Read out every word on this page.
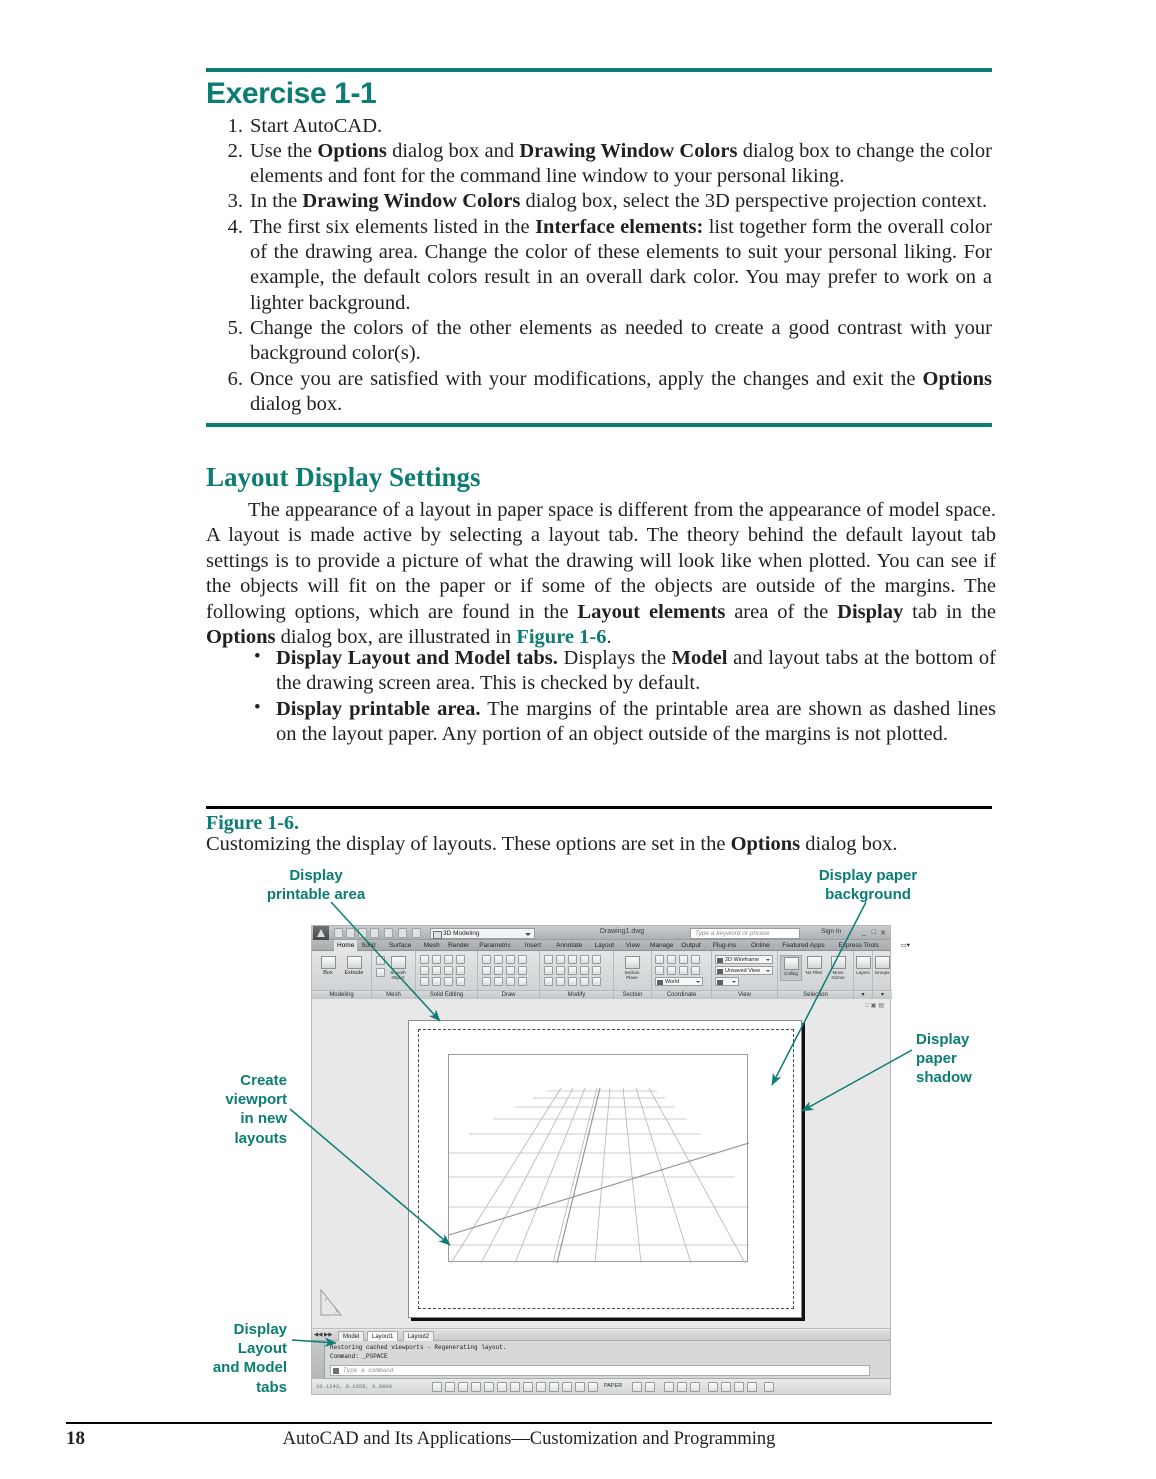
Exercise 1-1
1. Start AutoCAD.
2. Use the Options dialog box and Drawing Window Colors dialog box to change the color elements and font for the command line window to your personal liking.
3. In the Drawing Window Colors dialog box, select the 3D perspective projection context.
4. The first six elements listed in the Interface elements: list together form the overall color of the drawing area. Change the color of these elements to suit your personal liking. For example, the default colors result in an overall dark color. You may prefer to work on a lighter background.
5. Change the colors of the other elements as needed to create a good contrast with your background color(s).
6. Once you are satisfied with your modifications, apply the changes and exit the Options dialog box.
Layout Display Settings
The appearance of a layout in paper space is different from the appearance of model space. A layout is made active by selecting a layout tab. The theory behind the default layout tab settings is to provide a picture of what the drawing will look like when plotted. You can see if the objects will fit on the paper or if some of the objects are outside of the margins. The following options, which are found in the Layout elements area of the Display tab in the Options dialog box, are illustrated in Figure 1-6.
• Display Layout and Model tabs. Displays the Model and layout tabs at the bottom of the drawing screen area. This is checked by default.
• Display printable area. The margins of the printable area are shown as dashed lines on the layout paper. Any portion of an object outside of the margins is not plotted.
Figure 1-6.
Customizing the display of layouts. These options are set in the Options dialog box.
Display
printable area
Display paper
background
Display
paper
shadow
Create
viewport
in new
layouts
Display
Layout
and Model
tabs
3D Modeling	Drawing1.dwg	Type a keyword or phrase	Sign In	_ □ ✕
Home	Solid	Surface	Mesh	Render	Parametric	Insert	Annotate	Layout	View	Manage	Output	Plug-ins	Online	Featured Apps	Express Tools	▭▾
Box	Extrude
Modeling
Smooth Object
Mesh	Solid Editing	Draw	Modify
Section Plane
Section
World
Coordinate
2D Wireframe
Unsaved View
View
Culling	No Filter	Move Gizmo
Selection
Layers
▾
Groups
▾
□▣▤
Y
X
◀◀ ▶▶	Model	Layout1	Layout2
Restoring cached viewports - Regenerating layout.
Command: _PSPACE
Type a command
10.1243, 8.2658, 0.0000	PAPER
18	AutoCAD and Its Applications—Customization and Programming
